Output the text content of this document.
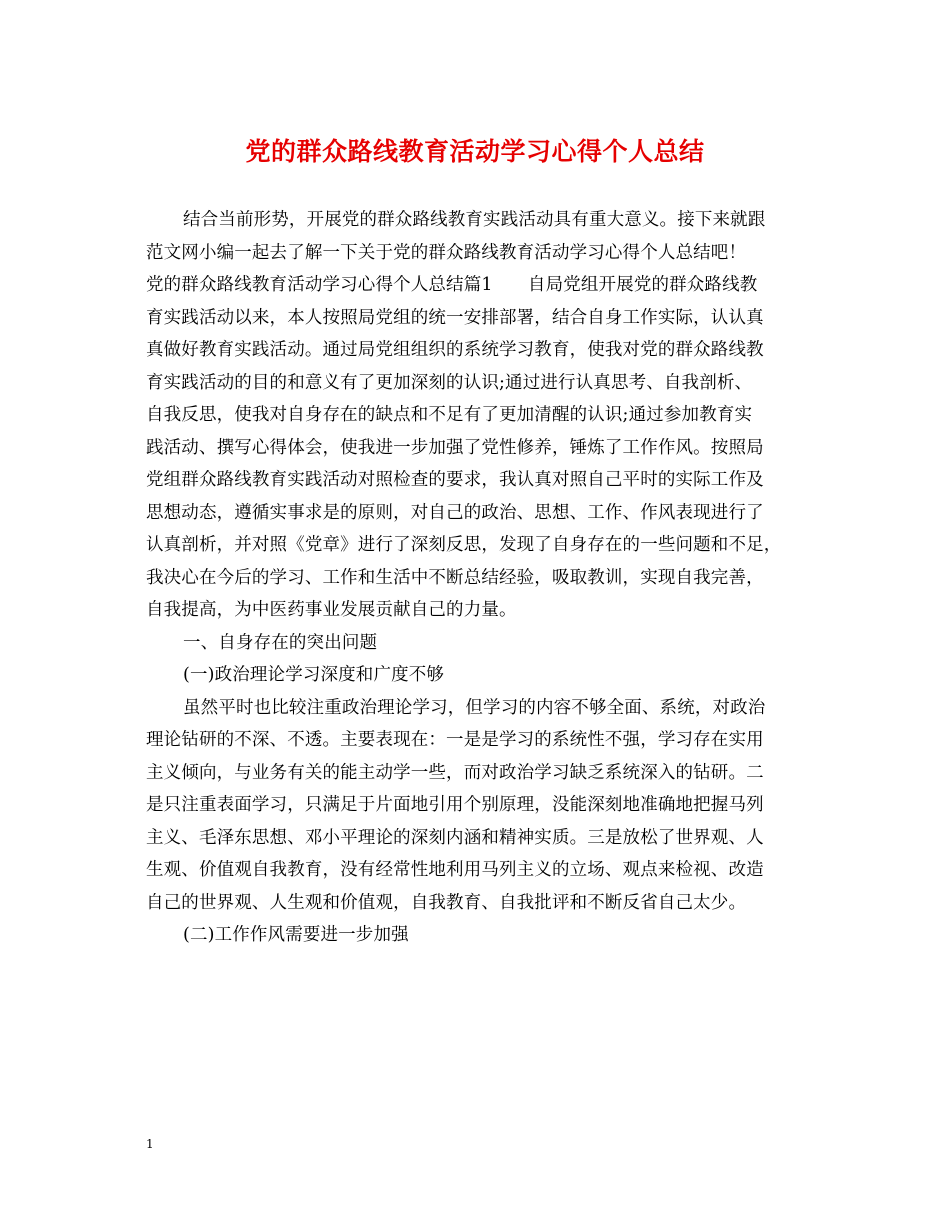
党的群众路线教育活动学习心得个人总结
结合当前形势，开展党的群众路线教育实践活动具有重大意义。接下来就跟
范文网小编一起去了解一下关于党的群众路线教育活动学习心得个人总结吧！
党的群众路线教育活动学习心得个人总结篇1　　自局党组开展党的群众路线教
育实践活动以来，本人按照局党组的统一安排部署，结合自身工作实际，认认真
真做好教育实践活动。通过局党组组织的系统学习教育，使我对党的群众路线教
育实践活动的目的和意义有了更加深刻的认识;通过进行认真思考、自我剖析、
自我反思，使我对自身存在的缺点和不足有了更加清醒的认识;通过参加教育实
践活动、撰写心得体会，使我进一步加强了党性修养，锤炼了工作作风。按照局
党组群众路线教育实践活动对照检查的要求，我认真对照自己平时的实际工作及
思想动态，遵循实事求是的原则，对自己的政治、思想、工作、作风表现进行了
认真剖析，并对照《党章》进行了深刻反思，发现了自身存在的一些问题和不足，
我决心在今后的学习、工作和生活中不断总结经验，吸取教训，实现自我完善，
自我提高，为中医药事业发展贡献自己的力量。
一、自身存在的突出问题
(一)政治理论学习深度和广度不够
虽然平时也比较注重政治理论学习，但学习的内容不够全面、系统，对政治
理论钻研的不深、不透。主要表现在：一是是学习的系统性不强，学习存在实用
主义倾向，与业务有关的能主动学一些，而对政治学习缺乏系统深入的钻研。二
是只注重表面学习，只满足于片面地引用个别原理，没能深刻地准确地把握马列
主义、毛泽东思想、邓小平理论的深刻内涵和精神实质。三是放松了世界观、人
生观、价值观自我教育，没有经常性地利用马列主义的立场、观点来检视、改造
自己的世界观、人生观和价值观，自我教育、自我批评和不断反省自己太少。
(二)工作作风需要进一步加强
1
